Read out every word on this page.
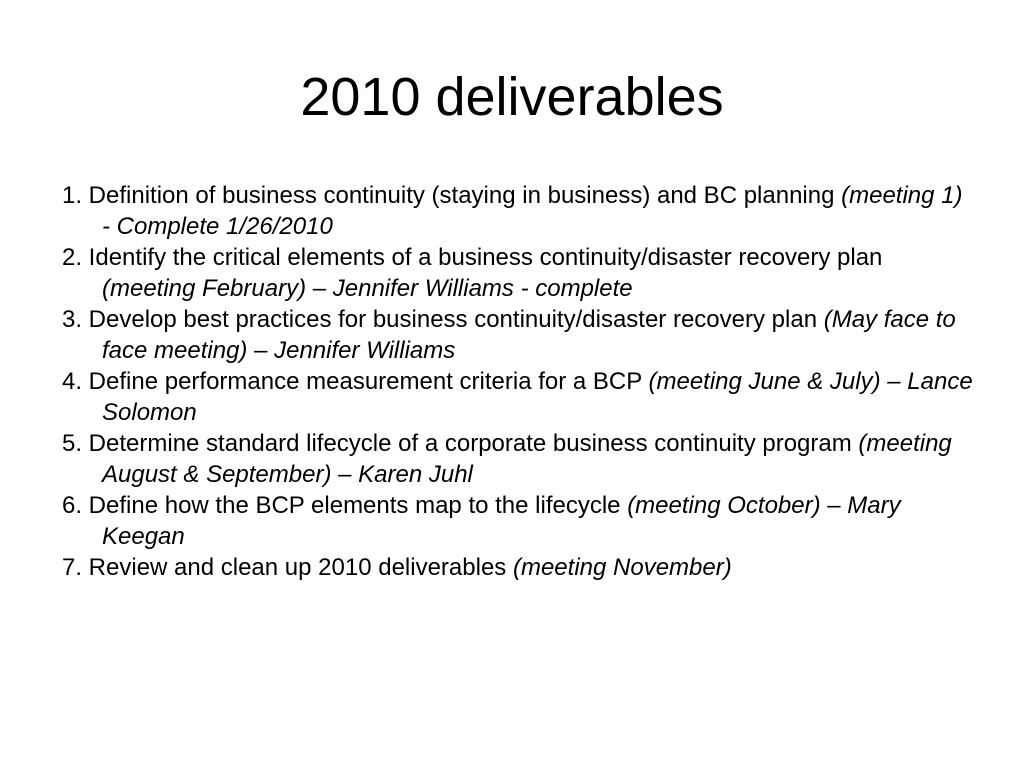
2010 deliverables
1. Definition of business continuity (staying in business) and BC planning (meeting 1) - Complete 1/26/2010
2. Identify the critical elements of a business continuity/disaster recovery plan (meeting February) – Jennifer Williams - complete
3. Develop best practices for business continuity/disaster recovery plan (May face to face meeting) – Jennifer Williams
4. Define performance measurement criteria for a BCP (meeting June & July) – Lance Solomon
5. Determine standard lifecycle of a corporate business continuity program (meeting August & September) – Karen Juhl
6. Define how the BCP elements map to the lifecycle (meeting October) – Mary Keegan
7. Review and clean up 2010 deliverables (meeting November)
